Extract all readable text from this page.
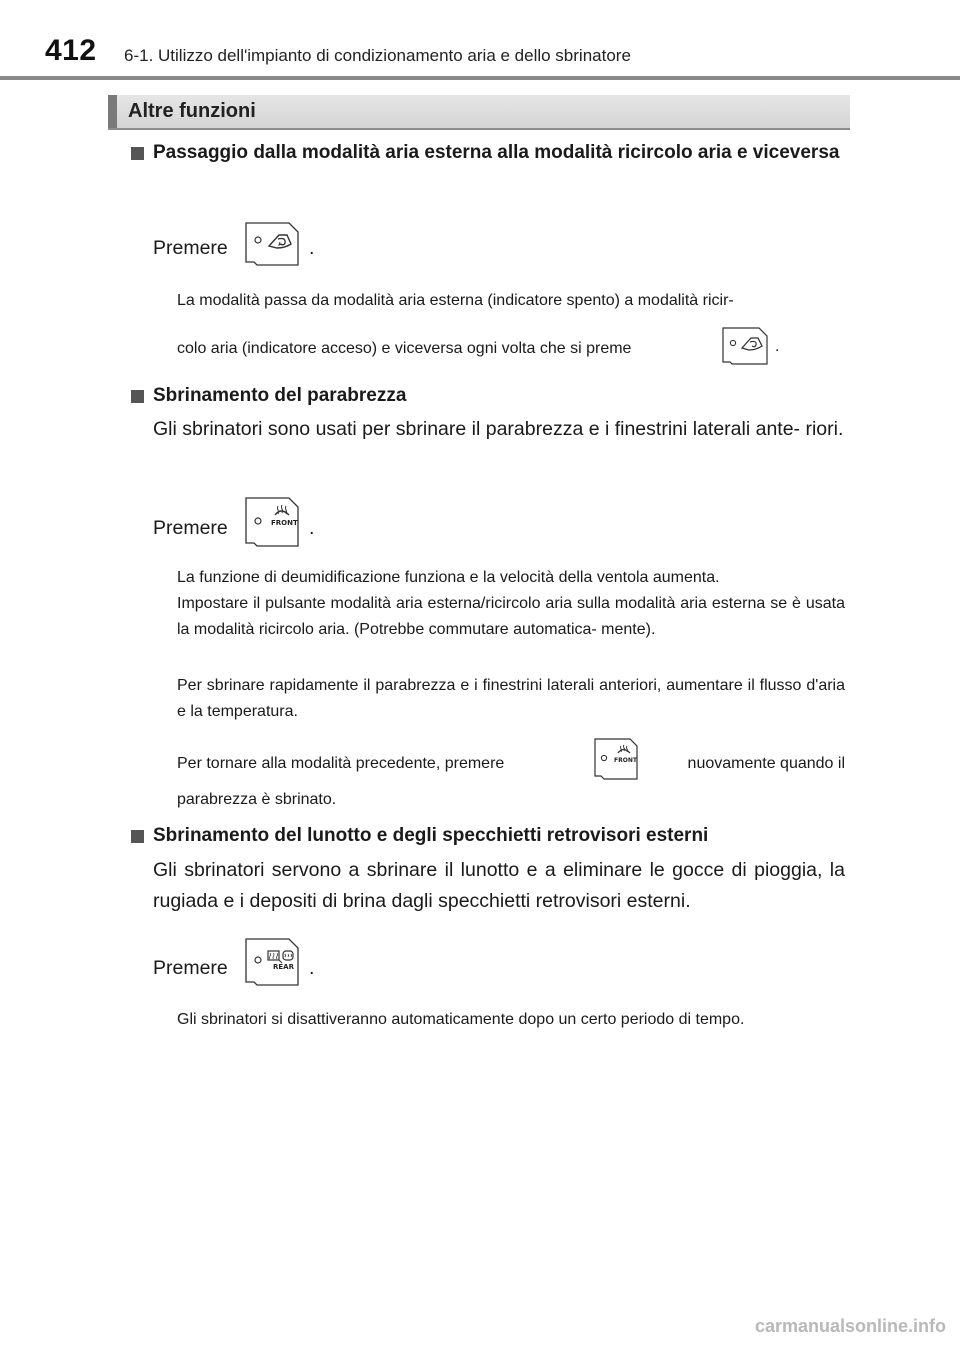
412 6-1. Utilizzo dell'impianto di condizionamento aria e dello sbrinatore
Altre funzioni
Passaggio dalla modalità aria esterna alla modalità ricircolo aria e viceversa
Premere	.
La modalità passa da modalità aria esterna (indicatore spento) a modalità ricir-
colo aria (indicatore acceso) e viceversa ogni volta che si preme	.
Sbrinamento del parabrezza
Gli sbrinatori sono usati per sbrinare il parabrezza e i finestrini laterali ante- riori.
Premere	FRONT .
La funzione di deumidificazione funziona e la velocità della ventola aumenta.
Impostare il pulsante modalità aria esterna/ricircolo aria sulla modalità aria esterna se è usata la modalità ricircolo aria. (Potrebbe commutare automatica- mente).
Per sbrinare rapidamente il parabrezza e i finestrini laterali anteriori, aumentare il flusso d'aria e la temperatura.
Per tornare alla modalità precedente, premere	FRONT	nuovamente quando il
parabrezza è sbrinato.
Sbrinamento del lunotto e degli specchietti retrovisori esterni
Gli sbrinatori servono a sbrinare il lunotto e a eliminare le gocce di pioggia, la rugiada e i depositi di brina dagli specchietti retrovisori esterni.
Premere	REAR .
Gli sbrinatori si disattiveranno automaticamente dopo un certo periodo di tempo.
carmanualsonline.info
